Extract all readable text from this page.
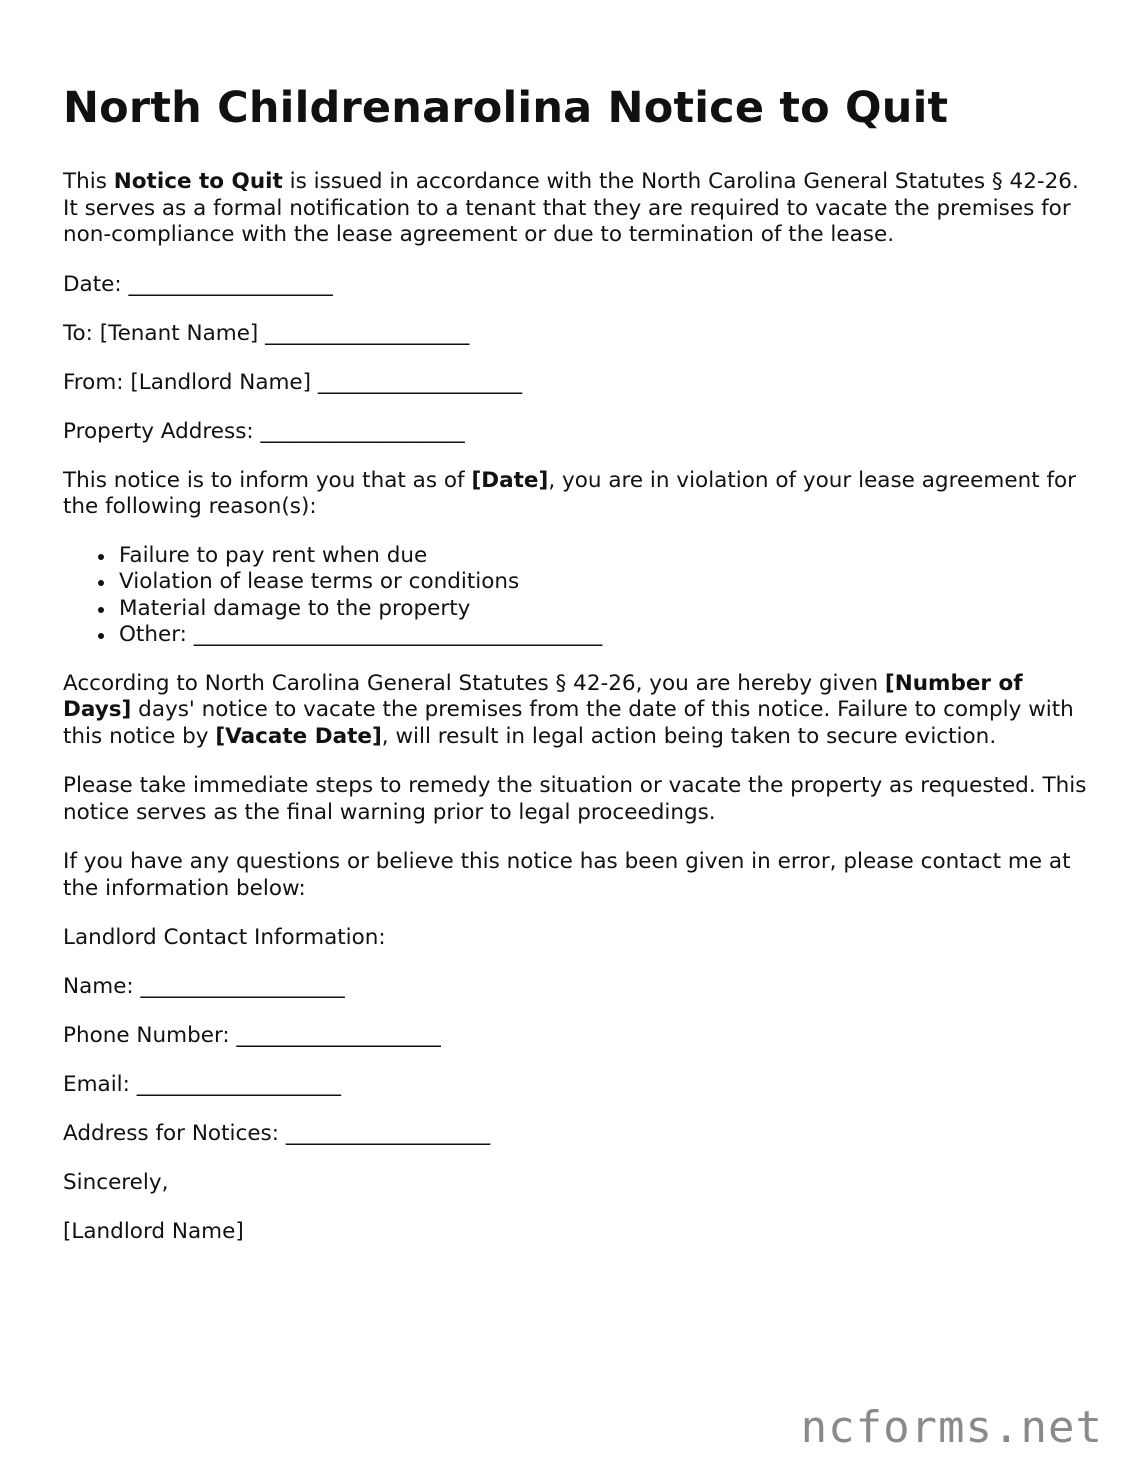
North Childrenarolina Notice to Quit

This Notice to Quit is issued in accordance with the North Carolina General Statutes § 42-26. It serves as a formal notification to a tenant that they are required to vacate the premises for non-compliance with the lease agreement or due to termination of the lease.

Date: ___________________
To: [Tenant Name] ___________________
From: [Landlord Name] ___________________
Property Address: ___________________

This notice is to inform you that as of [Date], you are in violation of your lease agreement for the following reason(s):

Failure to pay rent when due
Violation of lease terms or conditions
Material damage to the property
Other: ______________________________________

According to North Carolina General Statutes § 42-26, you are hereby given [Number of Days] days' notice to vacate the premises from the date of this notice. Failure to comply with this notice by [Vacate Date], will result in legal action being taken to secure eviction.

Please take immediate steps to remedy the situation or vacate the property as requested. This notice serves as the final warning prior to legal proceedings.

If you have any questions or believe this notice has been given in error, please contact me at the information below:

Landlord Contact Information:
Name: ___________________
Phone Number: ___________________
Email: ___________________
Address for Notices: ___________________
Sincerely,
[Landlord Name]
ncforms.net
